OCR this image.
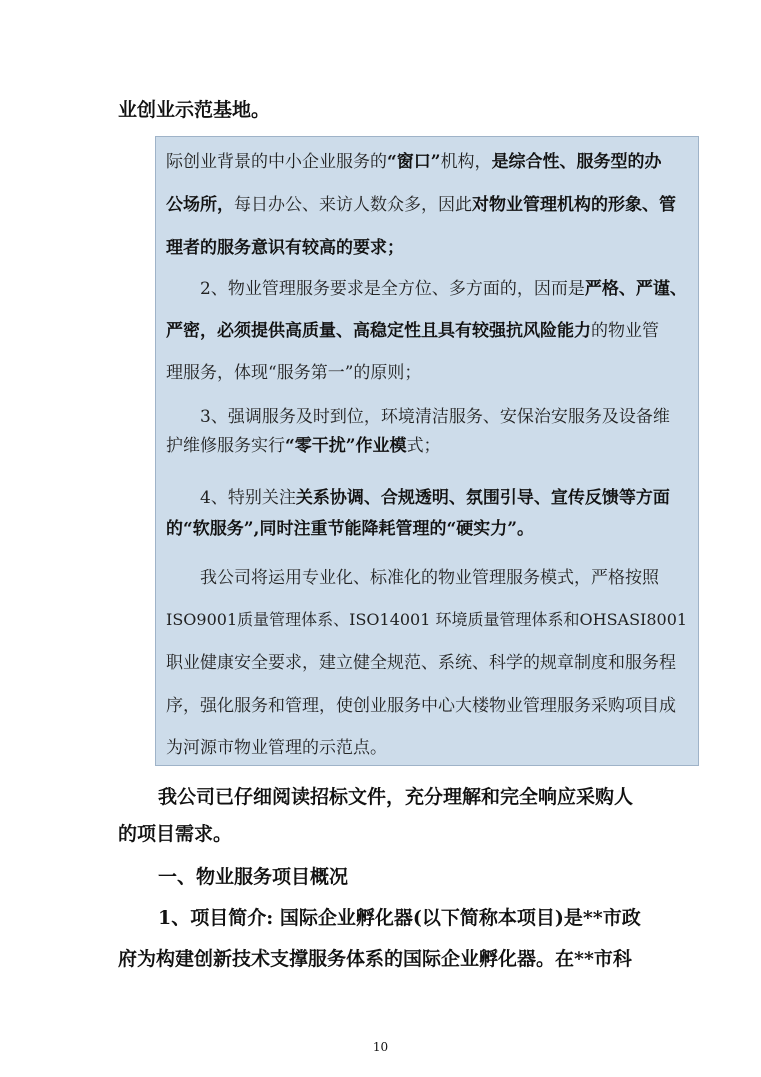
业创业示范基地。
际创业背景的中小企业服务的“窗口”机构，是综合性、服务型的办
公场所，每日办公、来访人数众多，因此对物业管理机构的形象、管
理者的服务意识有较高的要求；
2、物业管理服务要求是全方位、多方面的，因而是严格、严谨、
严密，必须提供高质量、高稳定性且具有较强抗风险能力的物业管
理服务，体现“服务第一”的原则；
3、强调服务及时到位，环境清洁服务、安保治安服务及设备维
护维修服务实行“零干扰”作业模式；
4、特别关注关系协调、合规透明、氛围引导、宣传反馈等方面
的“软服务”,同时注重节能降耗管理的“硬实力”。
我公司将运用专业化、标准化的物业管理服务模式，严格按照
ISO9001质量管理体系、ISO14001 环境质量管理体系和OHSASI8001
职业健康安全要求，建立健全规范、系统、科学的规章制度和服务程
序，强化服务和管理，使创业服务中心大楼物业管理服务采购项目成
为河源市物业管理的示范点。
我公司已仔细阅读招标文件，充分理解和完全响应采购人
的项目需求。
一、物业服务项目概况
1、项目简介: 国际企业孵化器(以下简称本项目)是**市政
府为构建创新技术支撑服务体系的国际企业孵化器。在**市科
10
